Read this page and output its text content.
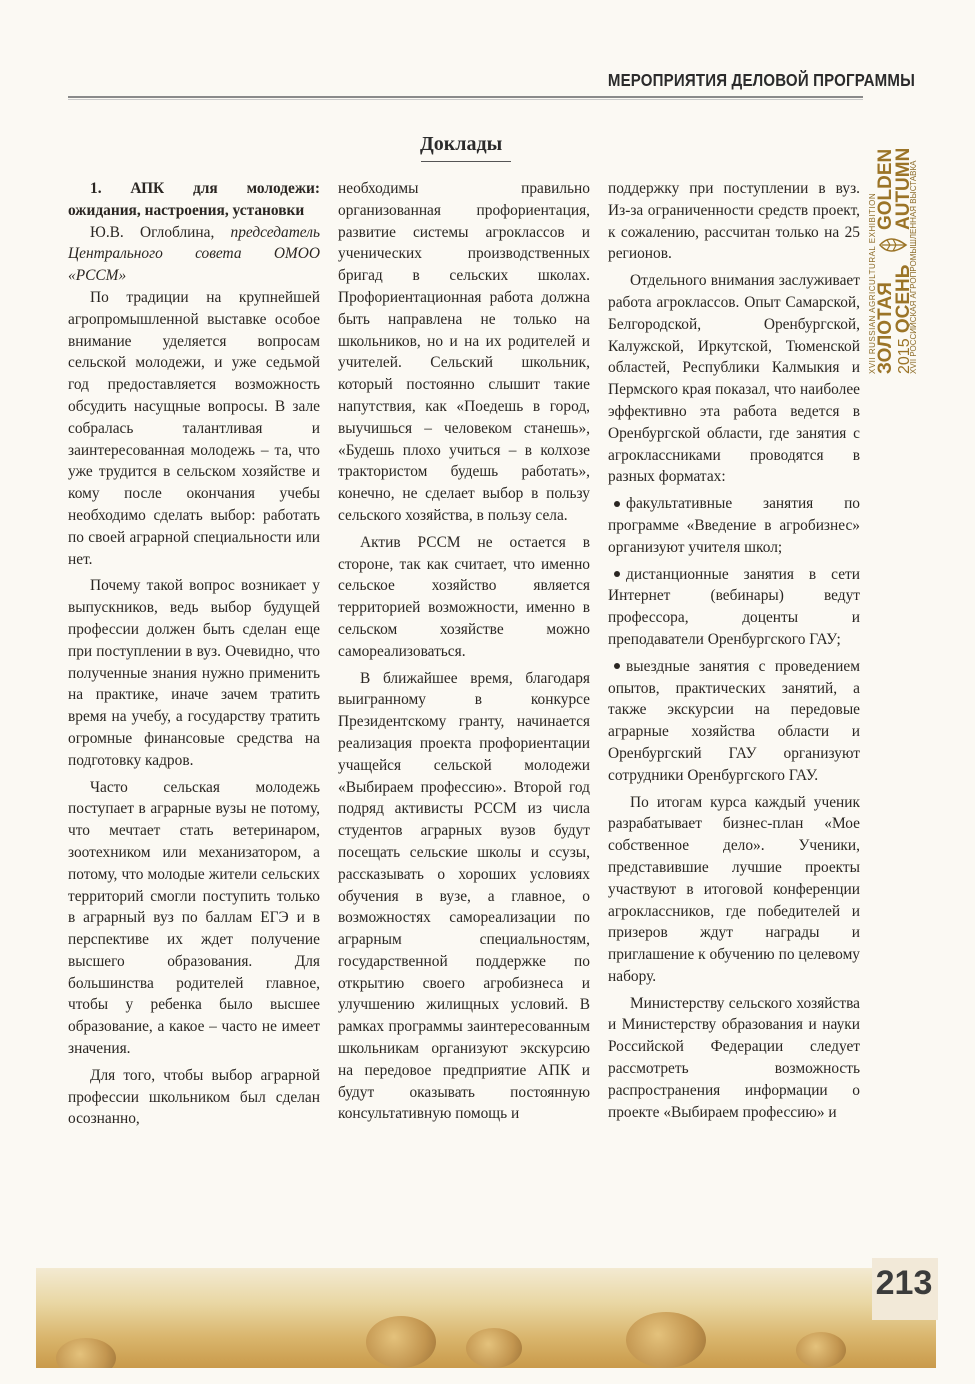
МЕРОПРИЯТИЯ ДЕЛОВОЙ ПРОГРАММЫ
XVII RUSSIAN AGRICULTURAL EXHIBITION
ЗОЛОТАЯ 2015 ОСЕНЬ
GOLDEN
AUTUMN
XVII РОССИЙСКАЯ АГРОПРОМЫШЛЕННАЯ ВЫСТАВКА
Доклады

1. АПК для молодежи: ожидания, настроения, установки

Ю.В. Оглоблина, председатель Центрального совета ОМОО «РССМ»

По традиции на крупнейшей агропромышленной выставке особое внимание уделяется вопросам сельской молодежи, и уже седьмой год предоставляется возможность обсудить насущные вопросы. В зале собралась талантливая и заинтересованная молодежь – та, что уже трудится в сельском хозяйстве и кому после окончания учебы необходимо сделать выбор: работать по своей аграрной специальности или нет.

Почему такой вопрос возникает у выпускников, ведь выбор будущей профессии должен быть сделан еще при поступлении в вуз. Очевидно, что полученные знания нужно применить на практике, иначе зачем тратить время на учебу, а государству тратить огромные финансовые средства на подготовку кадров.

Часто сельская молодежь поступает в аграрные вузы не потому, что мечтает стать ветеринаром, зоотехником или механизатором, а потому, что молодые жители сельских территорий смогли поступить только в аграрный вуз по баллам ЕГЭ и в перспективе их ждет получение высшего образования. Для большинства родителей главное, чтобы у ребенка было высшее образование, а какое – часто не имеет значения.

Для того, чтобы выбор аграрной профессии школьником был сделан осознанно,

необходимы правильно организованная профориентация, развитие системы агроклассов и ученических производственных бригад в сельских школах. Профориентационная работа должна быть направлена не только на школьников, но и на их родителей и учителей. Сельский школьник, который постоянно слышит такие напутствия, как «Поедешь в город, выучишься – человеком станешь», «Будешь плохо учиться – в колхозе трактористом будешь работать», конечно, не сделает выбор в пользу сельского хозяйства, в пользу села.

Актив РССМ не остается в стороне, так как считает, что именно сельское хозяйство является территорией возможности, именно в сельском хозяйстве можно самореализоваться.

В ближайшее время, благодаря выигранному в конкурсе Президентскому гранту, начинается реализация проекта профориентации учащейся сельской молодежи «Выбираем профессию». Второй год подряд активисты РССМ из числа студентов аграрных вузов будут посещать сельские школы и ссузы, рассказывать о хороших условиях обучения в вузе, а главное, о возможностях самореализации по аграрным специальностям, государственной поддержке по открытию своего агробизнеса и улучшению жилищных условий. В рамках программы заинтересованным школьникам организуют экскурсию на передовое предприятие АПК и будут оказывать постоянную консультативную помощь и

поддержку при поступлении в вуз. Из-за ограниченности средств проект, к сожалению, рассчитан только на 25 регионов.

Отдельного внимания заслуживает работа агроклассов. Опыт Самарской, Белгородской, Оренбургской, Калужской, Иркутской, Тюменской областей, Республики Калмыкия и Пермского края показал, что наиболее эффективно эта работа ведется в Оренбургской области, где занятия с агроклассниками проводятся в разных форматах:

факультативные занятия по программе «Введение в агробизнес» организуют учителя школ;

дистанционные занятия в сети Интернет (вебинары) ведут профессора, доценты и преподаватели Оренбургского ГАУ;

выездные занятия с проведением опытов, практических занятий, а также экскурсии на передовые аграрные хозяйства области и Оренбургский ГАУ организуют сотрудники Оренбургского ГАУ.

По итогам курса каждый ученик разрабатывает бизнес-план «Мое собственное дело». Ученики, представившие лучшие проекты участвуют в итоговой конференции агроклассников, где победителей и призеров ждут награды и приглашение к обучению по целевому набору.

Министерству сельского хозяйства и Министерству образования и науки Российской Федерации следует рассмотреть возможность распространения информации о проекте «Выбираем профессию» и

213
